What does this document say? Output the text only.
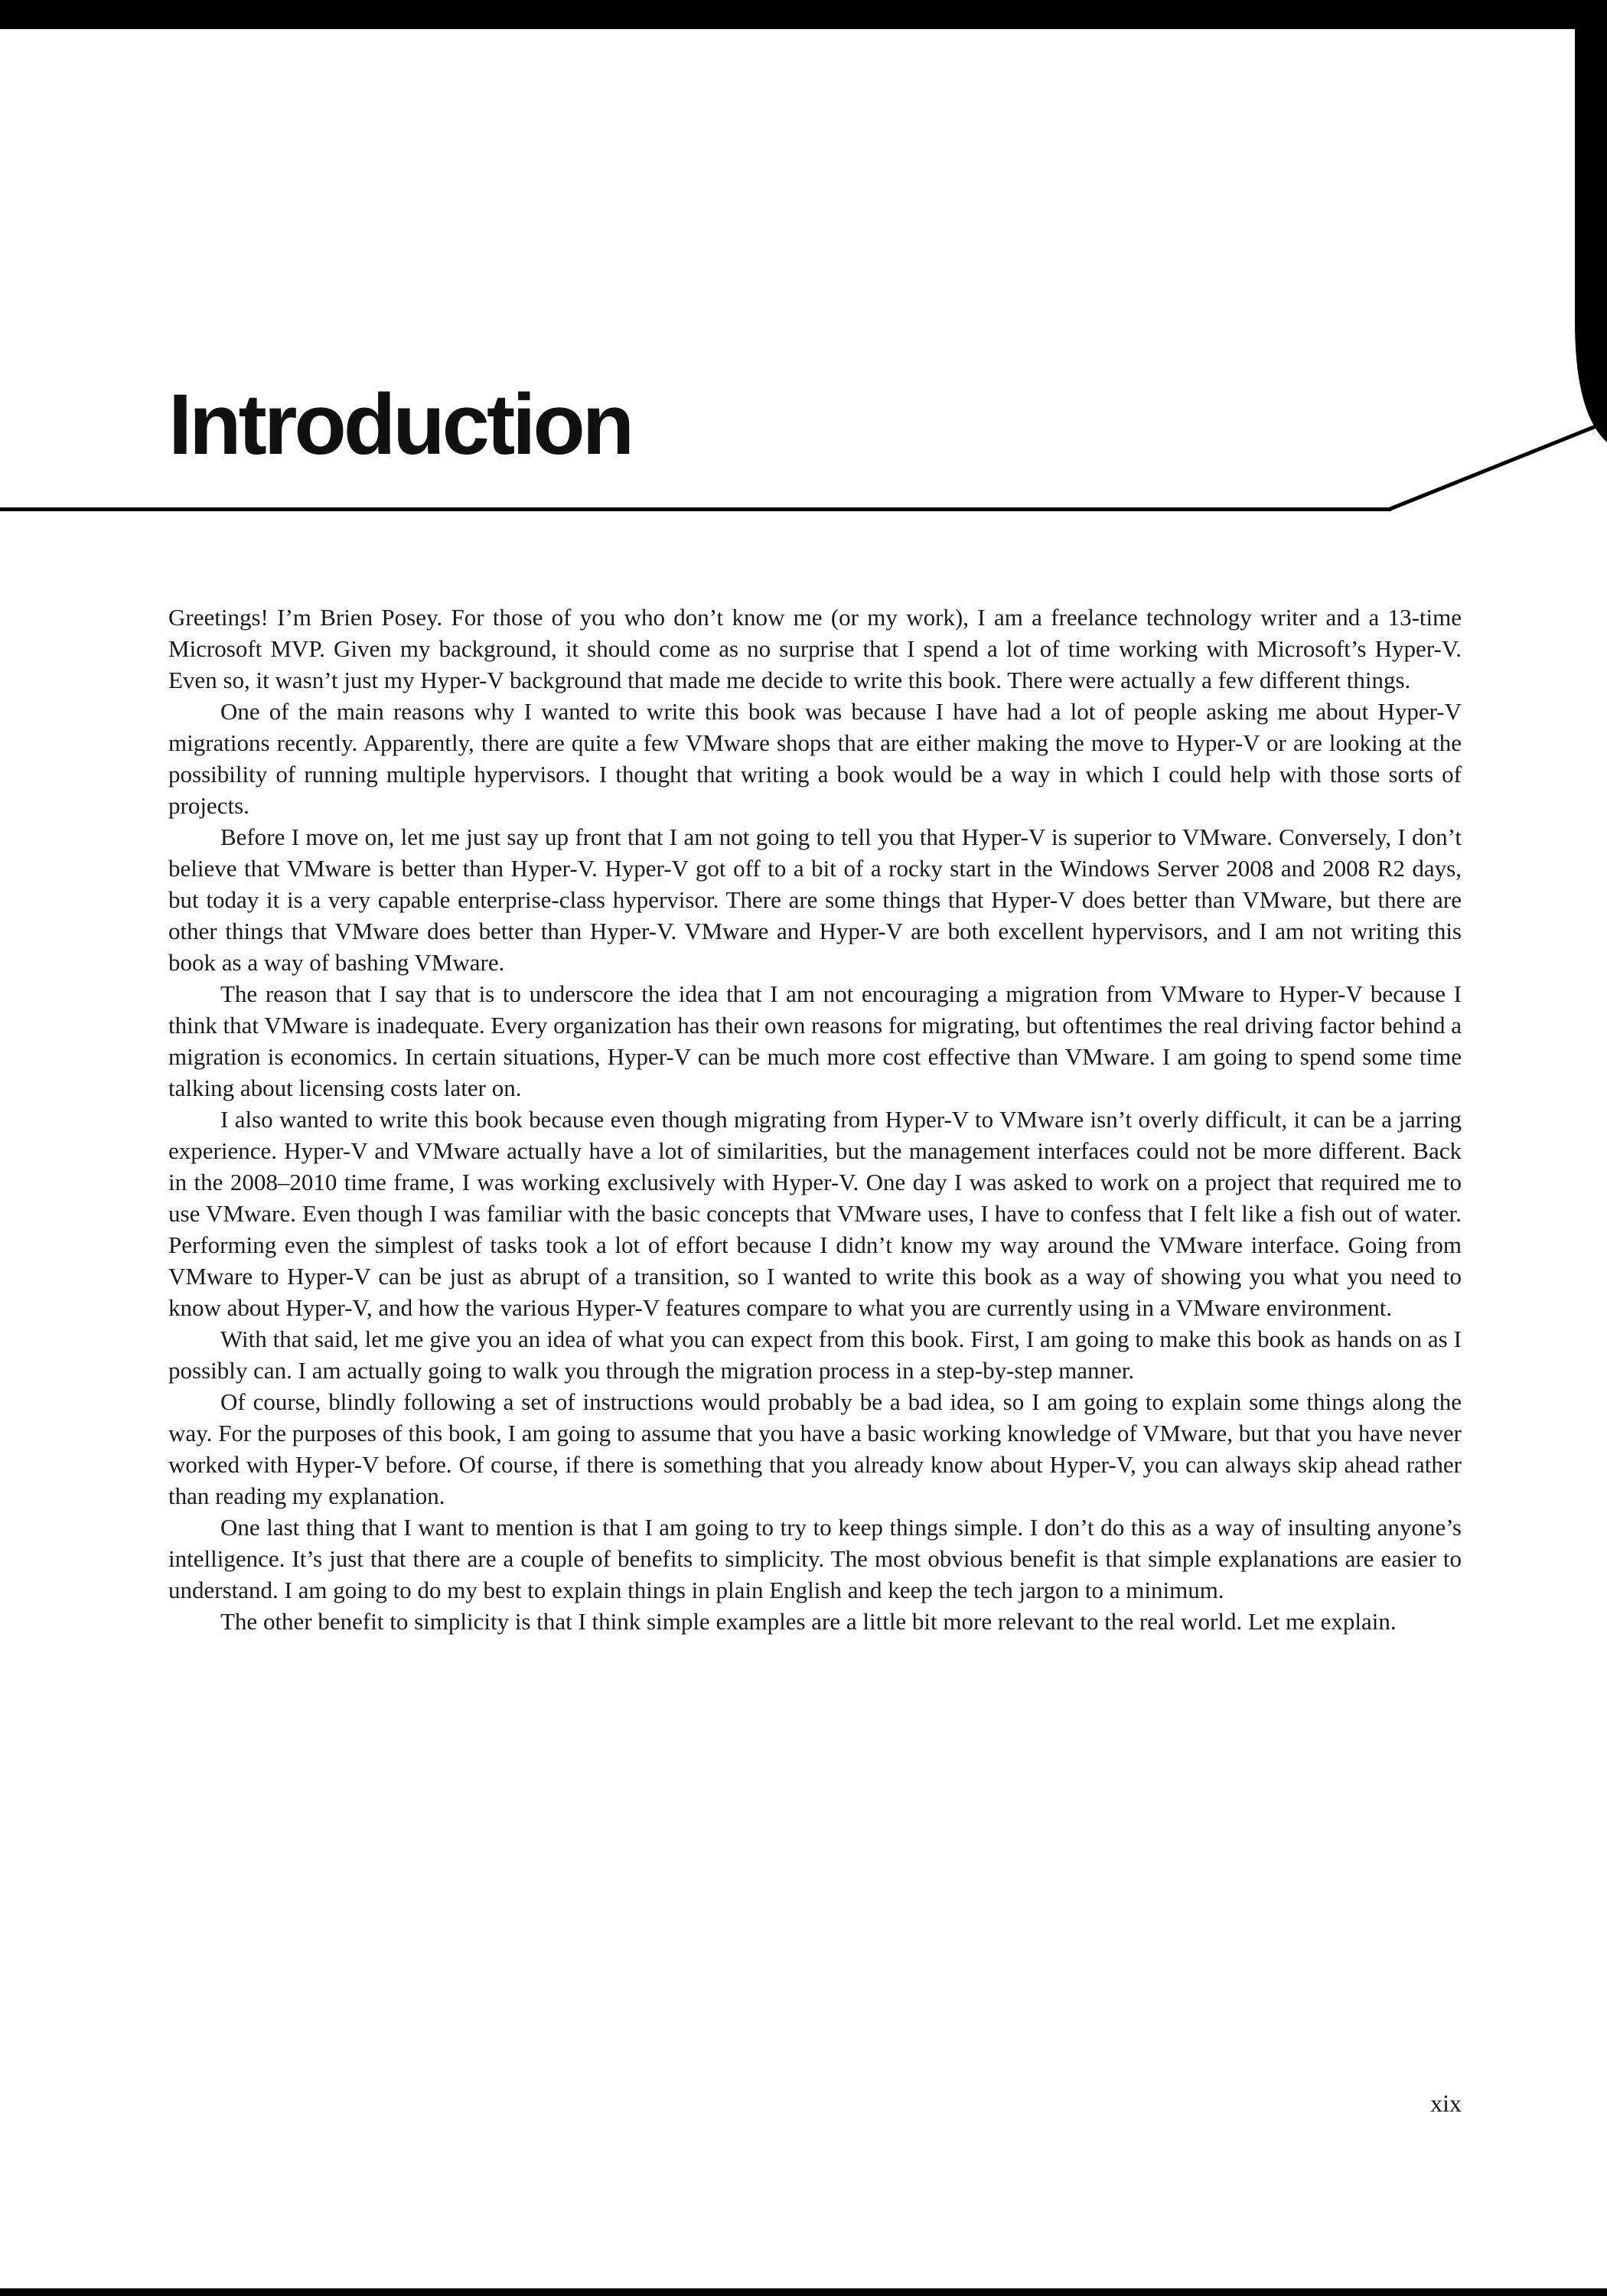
Introduction

Greetings! I’m Brien Posey. For those of you who don’t know me (or my work), I am a freelance technology writer and a 13-time Microsoft MVP. Given my background, it should come as no surprise that I spend a lot of time working with Microsoft’s Hyper-V. Even so, it wasn’t just my Hyper-V background that made me decide to write this book. There were actually a few different things.

One of the main reasons why I wanted to write this book was because I have had a lot of people asking me about Hyper-V migrations recently. Apparently, there are quite a few VMware shops that are either making the move to Hyper-V or are looking at the possibility of running multiple hypervisors. I thought that writing a book would be a way in which I could help with those sorts of projects.

Before I move on, let me just say up front that I am not going to tell you that Hyper-V is superior to VMware. Conversely, I don’t believe that VMware is better than Hyper-V. Hyper-V got off to a bit of a rocky start in the Windows Server 2008 and 2008 R2 days, but today it is a very capable enterprise-class hypervisor. There are some things that Hyper-V does better than VMware, but there are other things that VMware does better than Hyper-V. VMware and Hyper-V are both excellent hypervisors, and I am not writing this book as a way of bashing VMware.

The reason that I say that is to underscore the idea that I am not encouraging a migration from VMware to Hyper-V because I think that VMware is inadequate. Every organization has their own reasons for migrating, but oftentimes the real driving factor behind a migration is economics. In certain situations, Hyper-V can be much more cost effective than VMware. I am going to spend some time talking about licensing costs later on.

I also wanted to write this book because even though migrating from Hyper-V to VMware isn’t overly difficult, it can be a jarring experience. Hyper-V and VMware actually have a lot of similarities, but the management interfaces could not be more different. Back in the 2008–2010 time frame, I was working exclusively with Hyper-V. One day I was asked to work on a project that required me to use VMware. Even though I was familiar with the basic concepts that VMware uses, I have to confess that I felt like a fish out of water. Performing even the simplest of tasks took a lot of effort because I didn’t know my way around the VMware interface. Going from VMware to Hyper-V can be just as abrupt of a transition, so I wanted to write this book as a way of showing you what you need to know about Hyper-V, and how the various Hyper-V features compare to what you are currently using in a VMware environment.

With that said, let me give you an idea of what you can expect from this book. First, I am going to make this book as hands on as I possibly can. I am actually going to walk you through the migration process in a step-by-step manner.

Of course, blindly following a set of instructions would probably be a bad idea, so I am going to explain some things along the way. For the purposes of this book, I am going to assume that you have a basic working knowledge of VMware, but that you have never worked with Hyper-V before. Of course, if there is something that you already know about Hyper-V, you can always skip ahead rather than reading my explanation.

One last thing that I want to mention is that I am going to try to keep things simple. I don’t do this as a way of insulting anyone’s intelligence. It’s just that there are a couple of benefits to simplicity. The most obvious benefit is that simple explanations are easier to understand. I am going to do my best to explain things in plain English and keep the tech jargon to a minimum.

The other benefit to simplicity is that I think simple examples are a little bit more relevant to the real world. Let me explain.

xix
